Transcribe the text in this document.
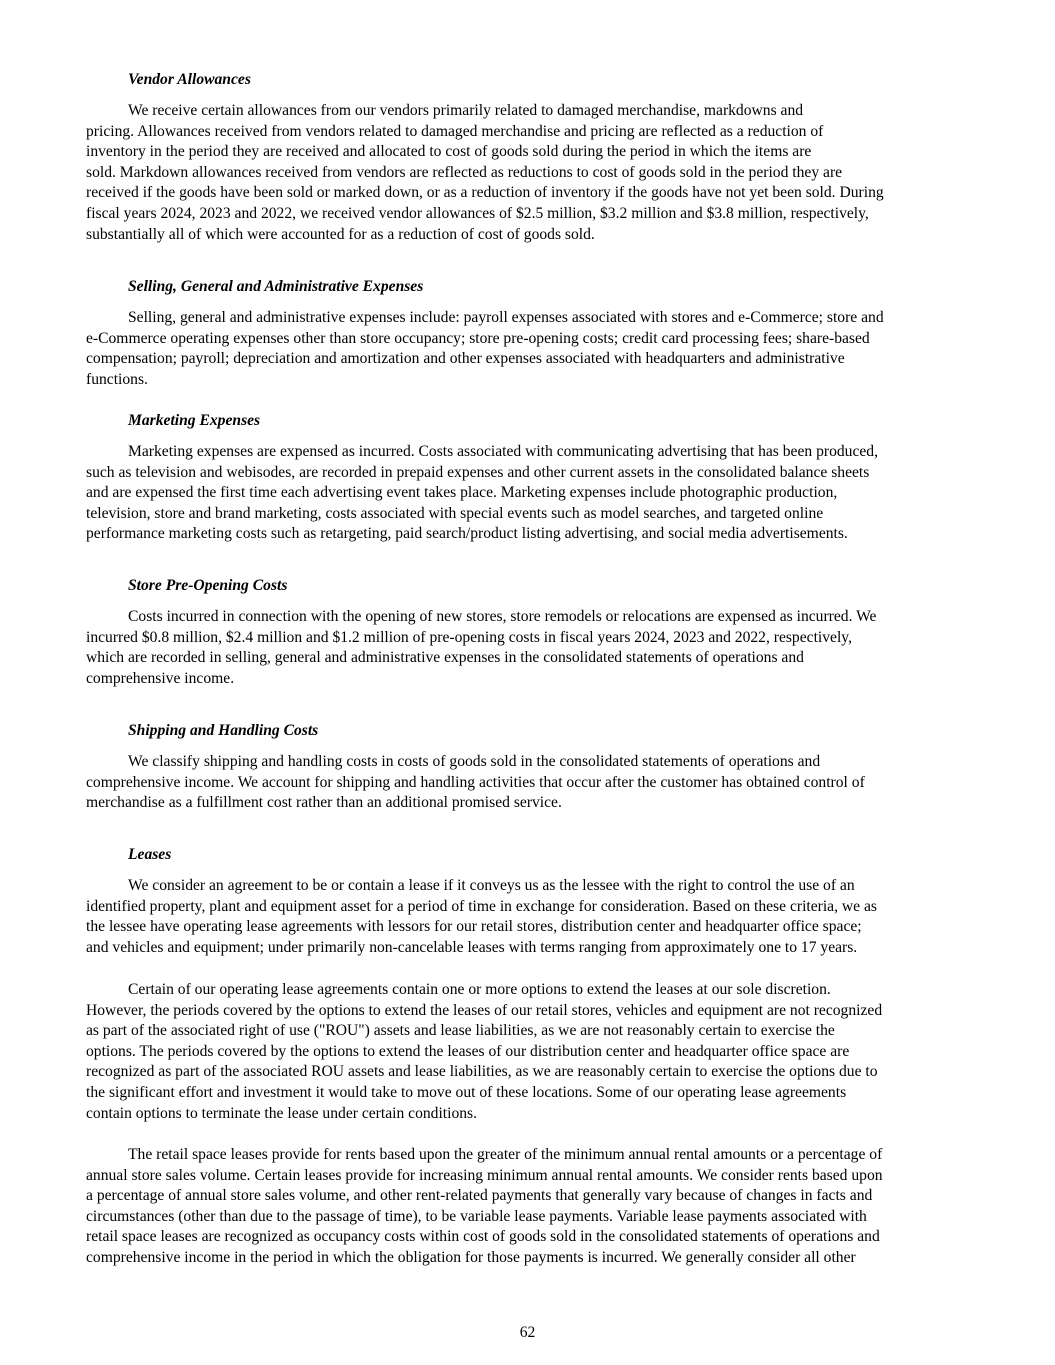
Vendor Allowances
We receive certain allowances from our vendors primarily related to damaged merchandise, markdowns and
pricing. Allowances received from vendors related to damaged merchandise and pricing are reflected as a reduction of
inventory in the period they are received and allocated to cost of goods sold during the period in which the items are
sold. Markdown allowances received from vendors are reflected as reductions to cost of goods sold in the period they are
received if the goods have been sold or marked down, or as a reduction of inventory if the goods have not yet been sold. During
fiscal years 2024, 2023 and 2022, we received vendor allowances of $2.5 million, $3.2 million and $3.8 million, respectively,
substantially all of which were accounted for as a reduction of cost of goods sold.
Selling, General and Administrative Expenses
Selling, general and administrative expenses include: payroll expenses associated with stores and e-Commerce; store and
e-Commerce operating expenses other than store occupancy; store pre-opening costs; credit card processing fees; share-based
compensation; payroll; depreciation and amortization and other expenses associated with headquarters and administrative
functions.
Marketing Expenses
Marketing expenses are expensed as incurred. Costs associated with communicating advertising that has been produced,
such as television and webisodes, are recorded in prepaid expenses and other current assets in the consolidated balance sheets
and are expensed the first time each advertising event takes place. Marketing expenses include photographic production,
television, store and brand marketing, costs associated with special events such as model searches, and targeted online
performance marketing costs such as retargeting, paid search/product listing advertising, and social media advertisements.
Store Pre-Opening Costs
Costs incurred in connection with the opening of new stores, store remodels or relocations are expensed as incurred. We
incurred $0.8 million, $2.4 million and $1.2 million of pre-opening costs in fiscal years 2024, 2023 and 2022, respectively,
which are recorded in selling, general and administrative expenses in the consolidated statements of operations and
comprehensive income.
Shipping and Handling Costs
We classify shipping and handling costs in costs of goods sold in the consolidated statements of operations and
comprehensive income. We account for shipping and handling activities that occur after the customer has obtained control of
merchandise as a fulfillment cost rather than an additional promised service.
Leases
We consider an agreement to be or contain a lease if it conveys us as the lessee with the right to control the use of an
identified property, plant and equipment asset for a period of time in exchange for consideration. Based on these criteria, we as
the lessee have operating lease agreements with lessors for our retail stores, distribution center and headquarter office space;
and vehicles and equipment; under primarily non-cancelable leases with terms ranging from approximately one to 17 years.
Certain of our operating lease agreements contain one or more options to extend the leases at our sole discretion.
However, the periods covered by the options to extend the leases of our retail stores, vehicles and equipment are not recognized
as part of the associated right of use ("ROU") assets and lease liabilities, as we are not reasonably certain to exercise the
options. The periods covered by the options to extend the leases of our distribution center and headquarter office space are
recognized as part of the associated ROU assets and lease liabilities, as we are reasonably certain to exercise the options due to
the significant effort and investment it would take to move out of these locations. Some of our operating lease agreements
contain options to terminate the lease under certain conditions.
The retail space leases provide for rents based upon the greater of the minimum annual rental amounts or a percentage of
annual store sales volume. Certain leases provide for increasing minimum annual rental amounts. We consider rents based upon
a percentage of annual store sales volume, and other rent-related payments that generally vary because of changes in facts and
circumstances (other than due to the passage of time), to be variable lease payments. Variable lease payments associated with
retail space leases are recognized as occupancy costs within cost of goods sold in the consolidated statements of operations and
comprehensive income in the period in which the obligation for those payments is incurred. We generally consider all other
62
